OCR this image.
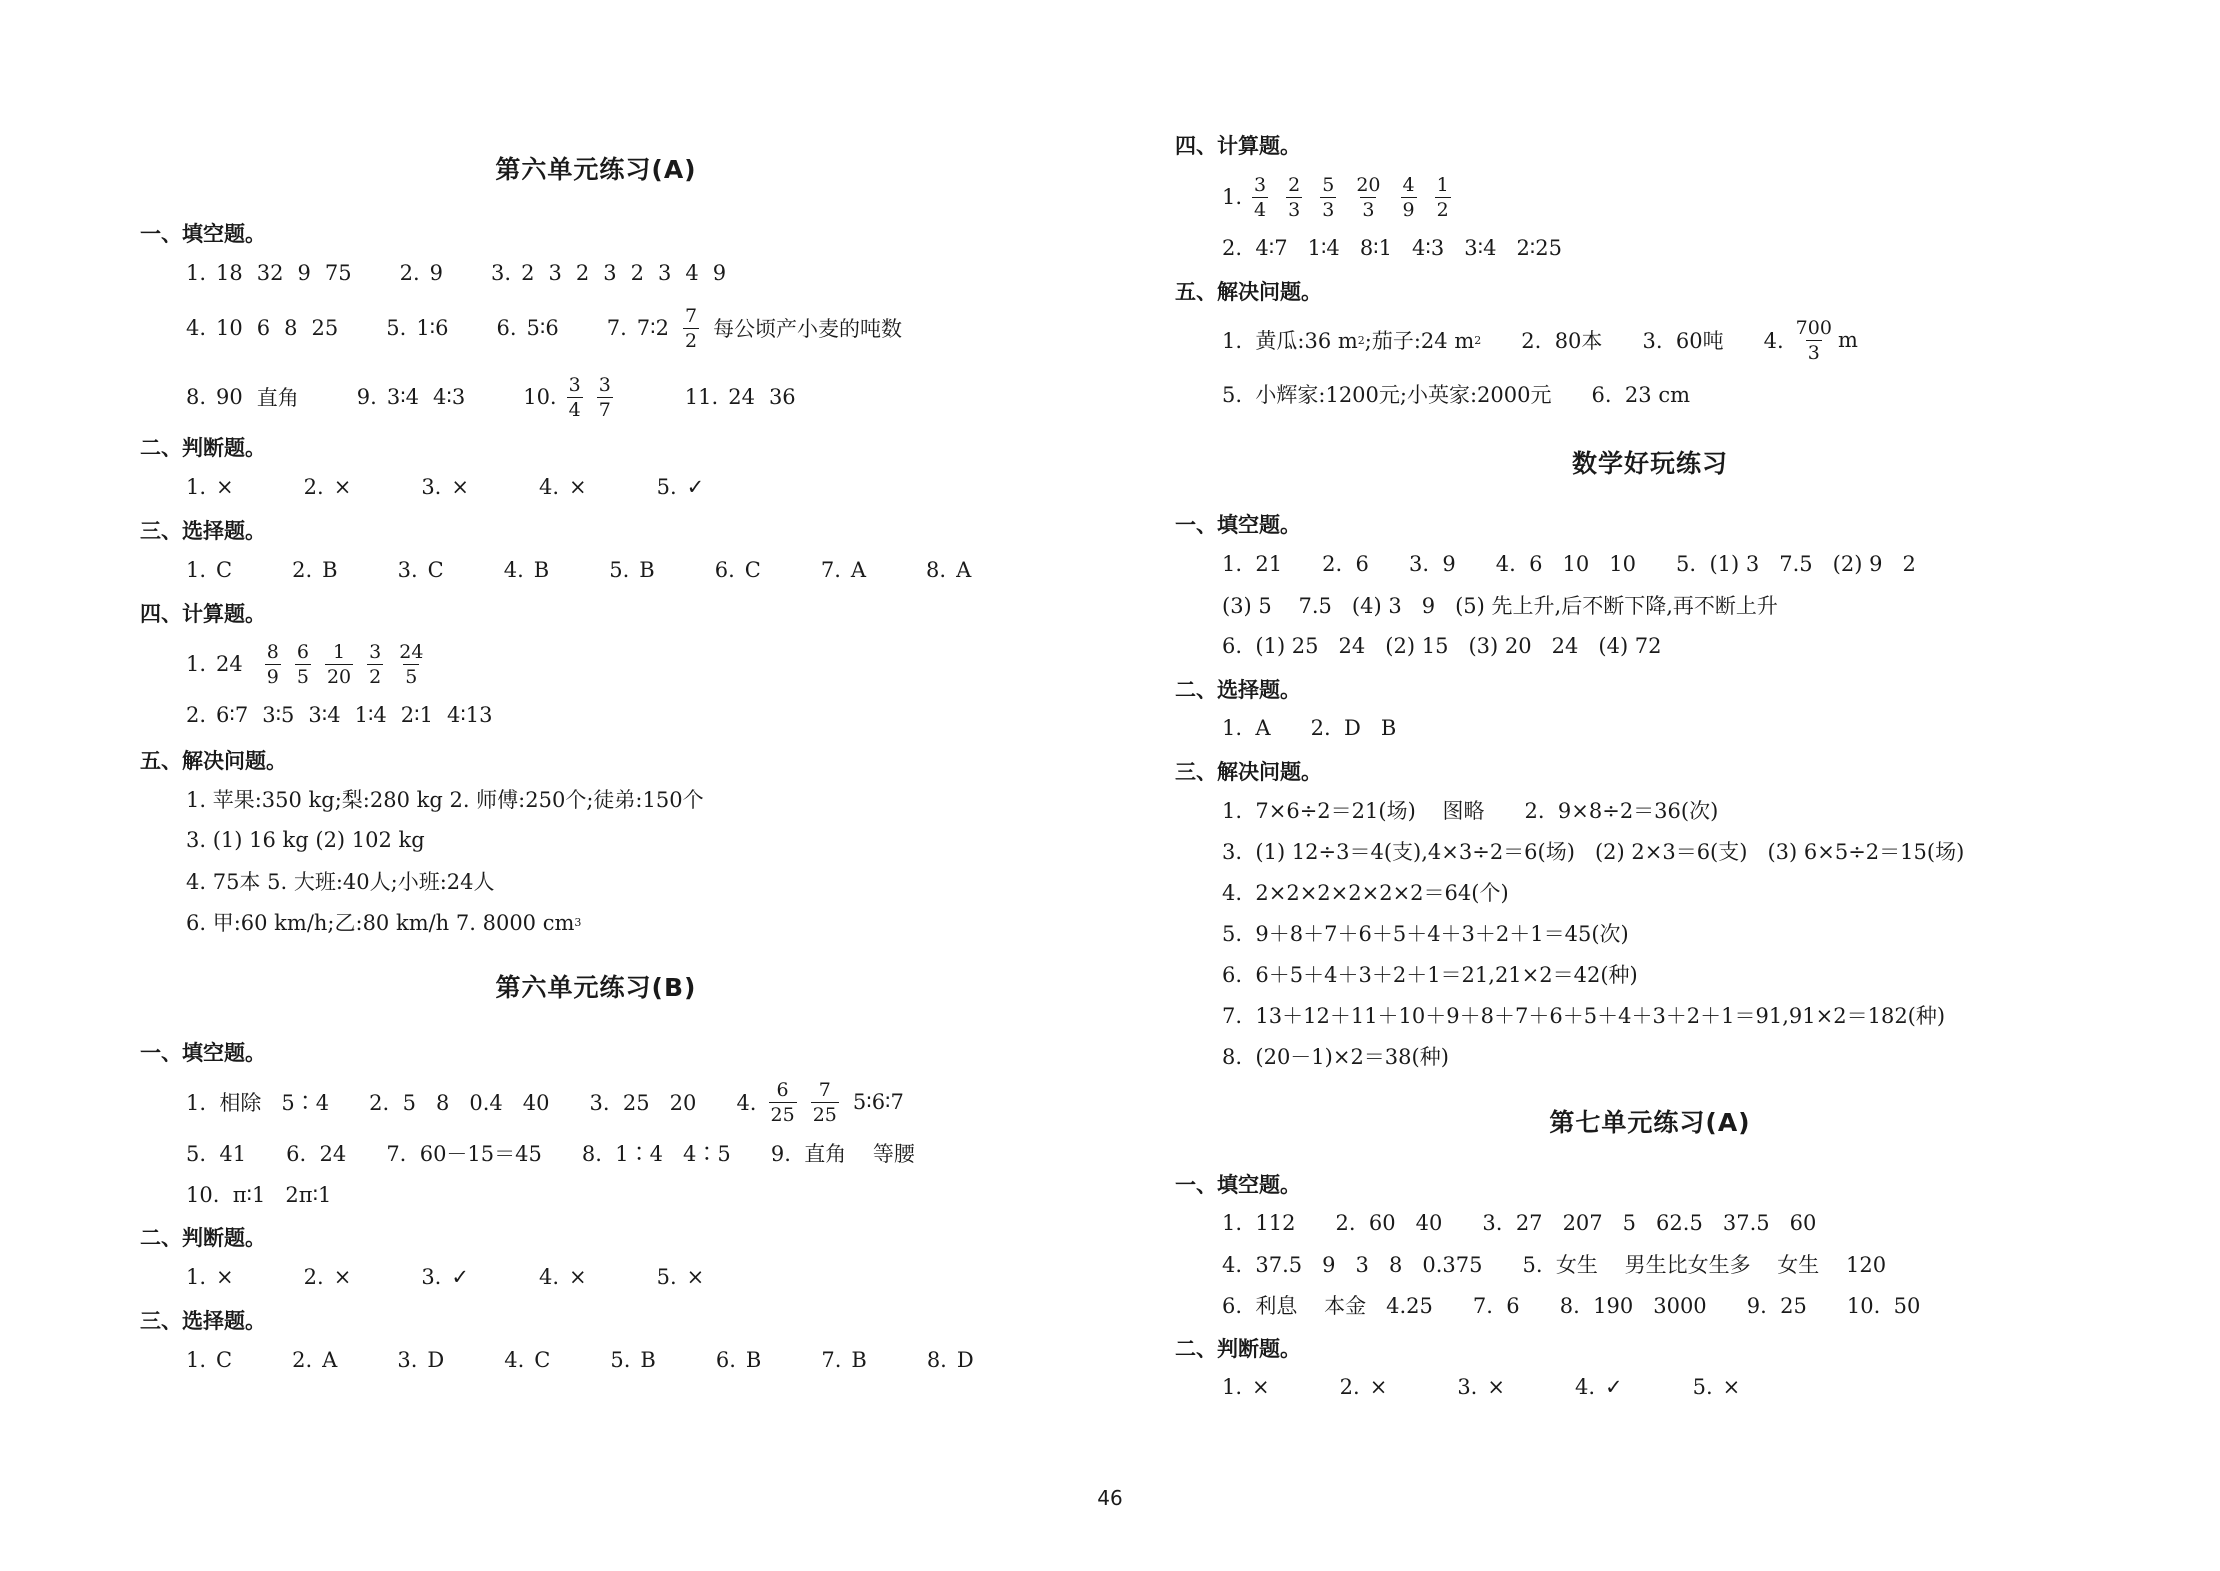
第六单元练习(A)
一、填空题。
1. 18 32 9 75 2. 9 3. 2 3 2 3 2 3 4 9
4. 10 6 8 25 5. 1∶6 6. 5∶6 7. 7∶2 $\frac{7}{2}$ 每公顷产小麦的吨数
8. 90 直角	9. 3∶4 4∶3	10. $\frac{3}{4} \frac{3}{7}$	11. 24 36
二、判断题。
1. ×	2. ×	3. ×	4. ×	5. ✓
三、选择题。
1. C	2. B	3. C	4. B	5. B	6. C	7. A	8. A
四、计算题。
1. $24 \frac{8}{9} \frac{6}{5} \frac{1}{20} \frac{3}{2} \frac{24}{5}$
2. 6∶7 3∶5 3∶4 1∶4 2∶1 4∶13
五、解决问题。
1. 苹果:350 kg;梨:280 kg 2. 师傅:250个;徒弟:150个
3. (1) 16 kg (2) 102 kg
4. 75本 5. 大班:40人;小班:24人
6. 甲:60 km/h;乙:80 km/h 7. 8000 cm 3
第六单元练习(B)
一、填空题。
1.  相除   5∶4      2.  5   8   0.4   40      3.  25   20      4. $\frac{6}{25} \frac{7}{25}$ 5∶6∶7
5.  41      6.  24      7.  60－15＝45      8.  1∶4   4∶5      9.  直角    等腰
10.  π∶1   2π∶1
二、判断题。
1. ×	2. ×	3. ✓	4. ×	5. ×
三、选择题。
1. C	2. A	3. D	4. C	5. B	6. B	7. B	8. D
四、计算题。
1. $\frac{3}{4} \frac{2}{3} \frac{5}{3} \frac{20}{3} \frac{4}{9} \frac{1}{2}$
2.  4∶7   1∶4   8∶1   4∶3   3∶4   2∶25
五、解决问题。
1.  黄瓜:36 m 2 ;茄子:24 m 2 2.  80本      3.  60吨      4. $\frac{700}{3}$ m
5.  小辉家:1200元;小英家:2000元      6.  23 cm
数学好玩练习
一、填空题。
1.  21      2.  6      3.  9      4.  6   10   10      5.  (1) 3   7.5   (2) 9   2
(3) 5    7.5   (4) 3   9   (5) 先上升,后不断下降,再不断上升
6.  (1) 25   24   (2) 15   (3) 20   24   (4) 72
二、选择题。
1.  A      2.  D   B
三、解决问题。
1.  7×6÷2＝21(场)    图略      2.  9×8÷2＝36(次)
3.  (1) 12÷3＝4(支),4×3÷2＝6(场)   (2) 2×3＝6(支)   (3) 6×5÷2＝15(场)
4.  2×2×2×2×2×2＝64(个)
5.  9＋8＋7＋6＋5＋4＋3＋2＋1＝45(次)
6.  6＋5＋4＋3＋2＋1＝21,21×2＝42(种)
7.  13＋12＋11＋10＋9＋8＋7＋6＋5＋4＋3＋2＋1＝91,91×2＝182(种)
8.  (20－1)×2＝38(种)
第七单元练习(A)
一、填空题。
1.  112      2.  60   40      3.  27   207   5   62.5   37.5   60
4.  37.5   9   3   8   0.375      5.  女生    男生比女生多    女生    120
6.  利息    本金   4.25      7.  6      8.  190   3000      9.  25      10.  50
二、判断题。
1. ×	2. ×	3. ×	4. ✓	5. ×
46
